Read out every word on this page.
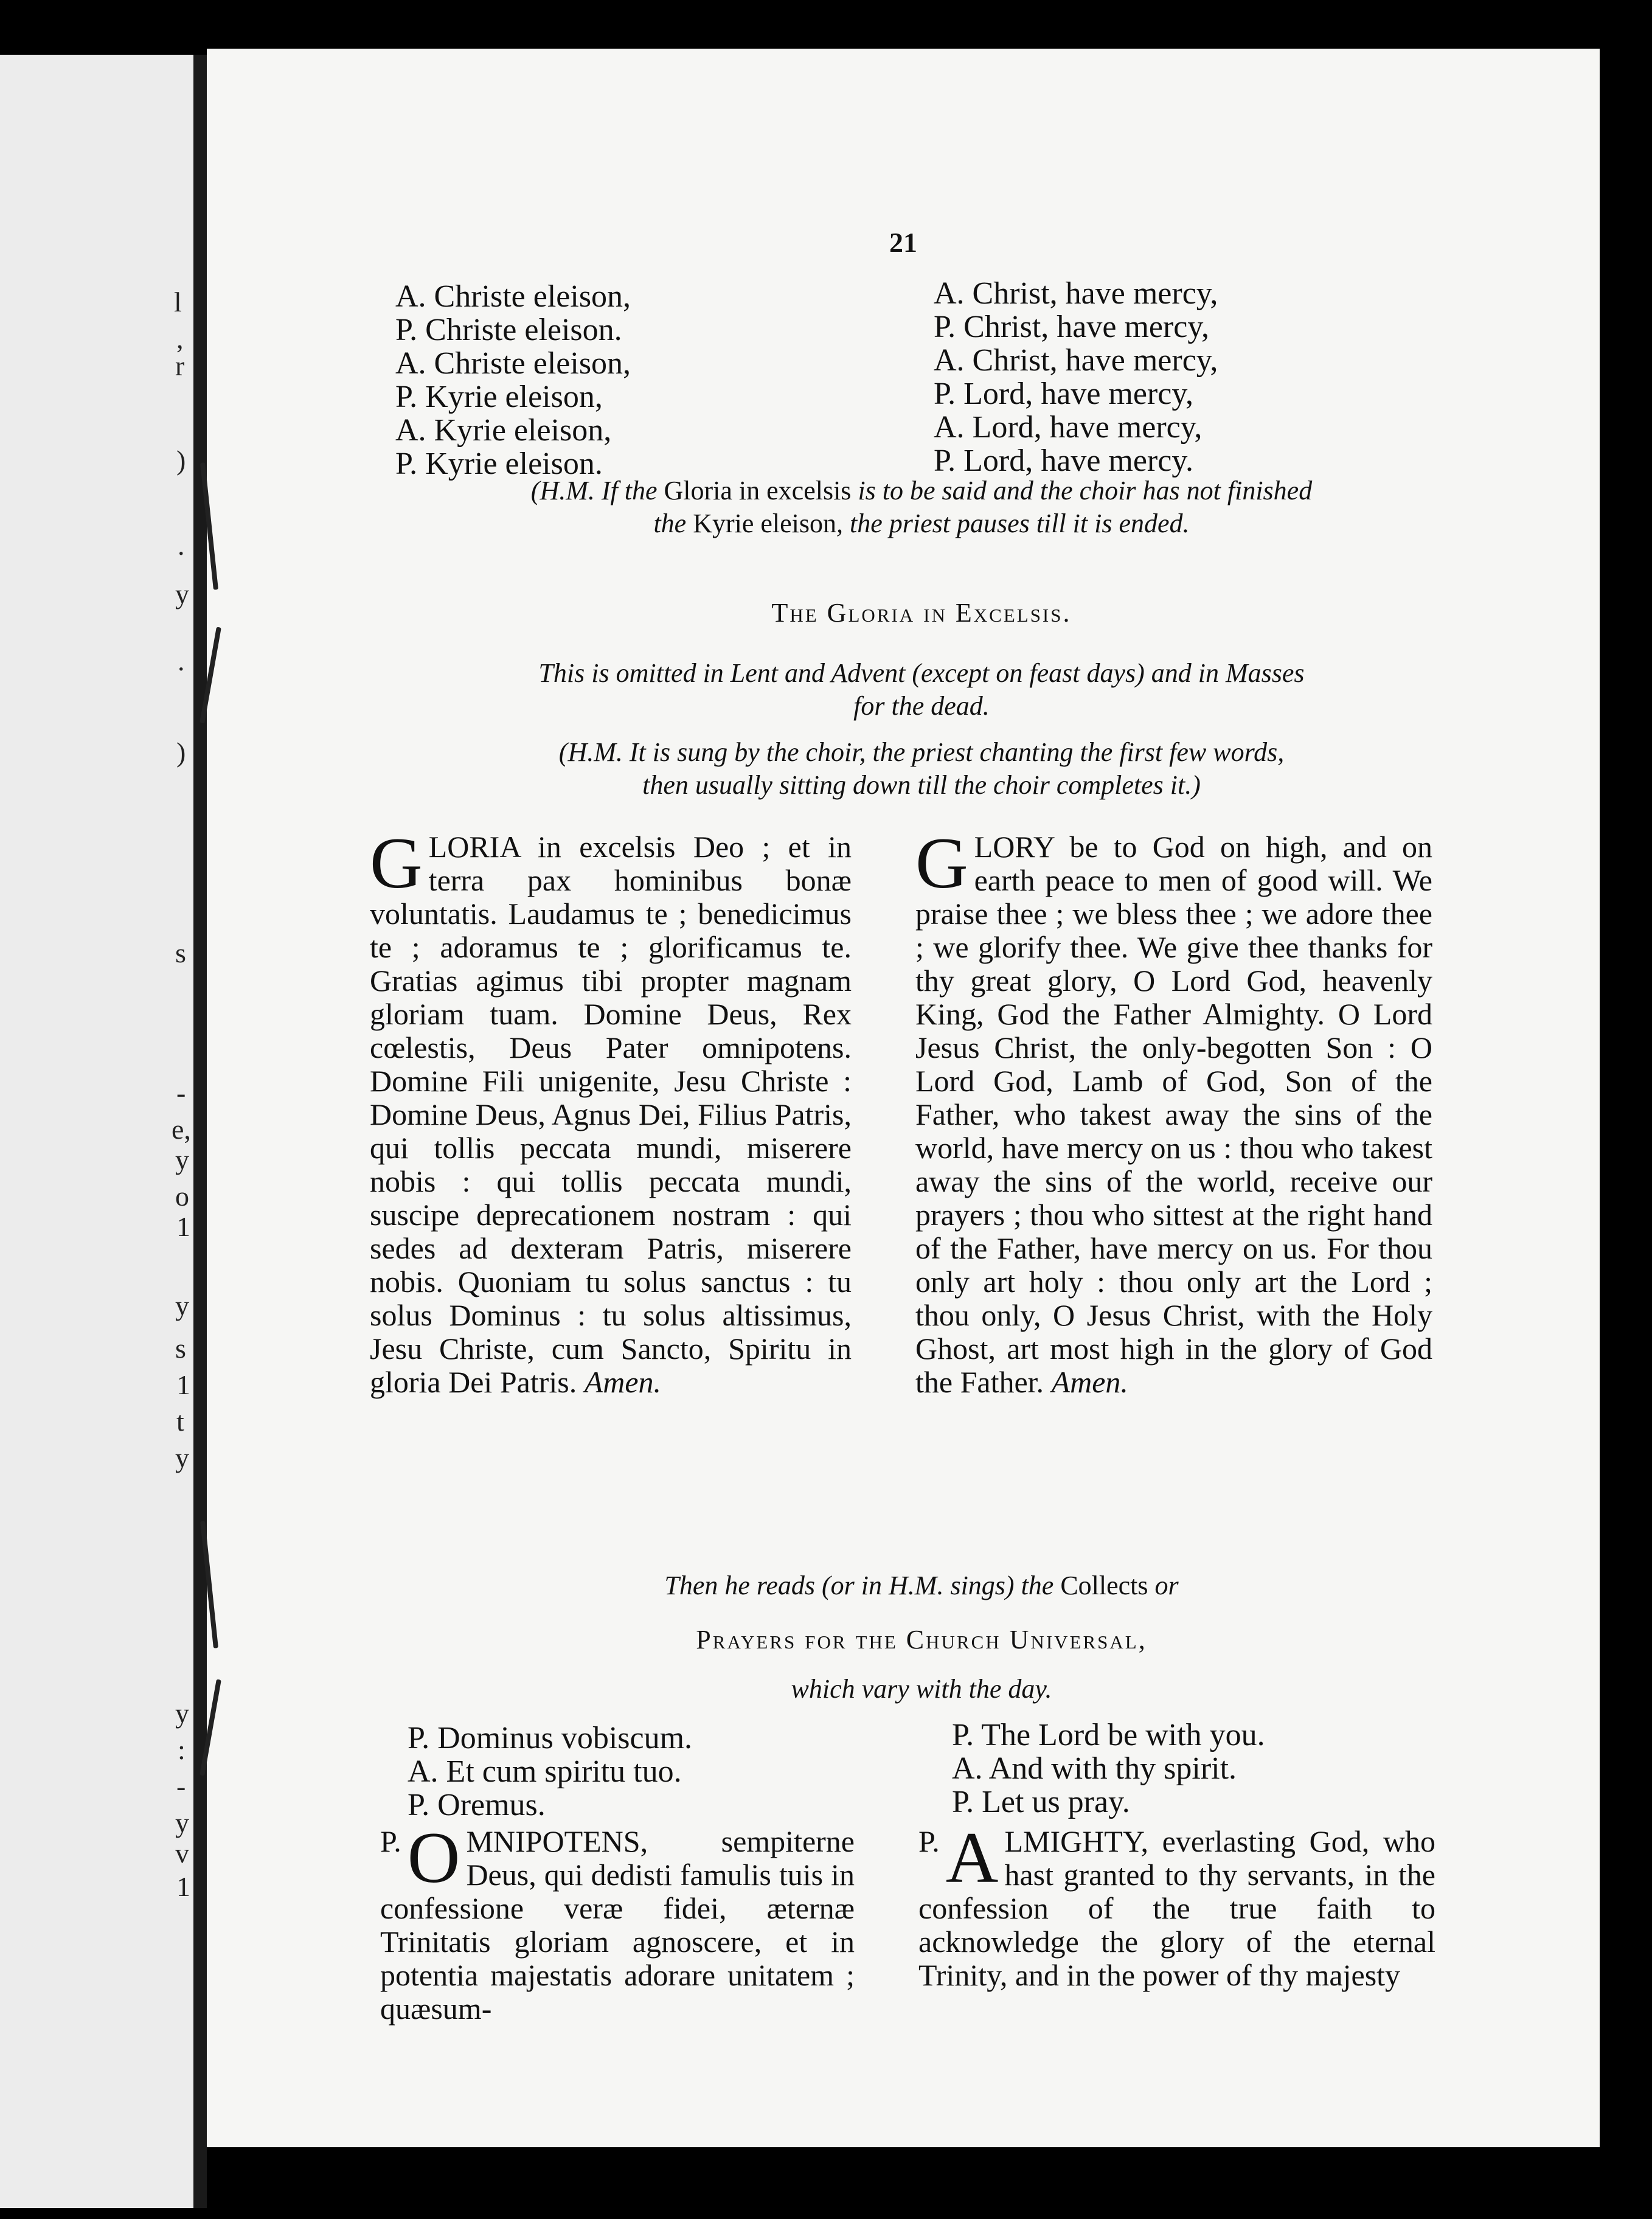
l
,
r
)
.
y
.
)
s
-
e,
y
o
1
y
s
1
t
y
y
:
-
y
v
1
21
A. Christe eleison,
P. Christe eleison.
A. Christe eleison,
P. Kyrie eleison,
A. Kyrie eleison,
P. Kyrie eleison.
A. Christ, have mercy,
P. Christ, have mercy,
A. Christ, have mercy,
P. Lord, have mercy,
A. Lord, have mercy,
P. Lord, have mercy.
(H.M. If the Gloria in excelsis is to be said and the choir has not finished
the Kyrie eleison, the priest pauses till it is ended.
The Gloria in Excelsis.
This is omitted in Lent and Advent (except on feast days) and in Masses
for the dead.
(H.M. It is sung by the choir, the priest chanting the first few words,
then usually sitting down till the choir completes it.)

GLORIA in excelsis Deo ; et in terra pax hominibus bonæ voluntatis. Laudamus te ; benedicimus te ; adoramus te ; glorificamus te. Gratias agimus tibi propter magnam gloriam tuam. Domine Deus, Rex cœlestis, Deus Pater omnipotens. Domine Fili unigenite, Jesu Christe : Domine Deus, Agnus Dei, Filius Patris, qui tollis peccata mundi, miserere nobis : qui tollis peccata mundi, suscipe deprecationem nostram : qui sedes ad dexteram Patris, miserere nobis. Quoniam tu solus sanctus : tu solus Dominus : tu solus altissimus, Jesu Christe, cum Sancto, Spiritu in gloria Dei Patris. Amen.

GLORY be to God on high, and on earth peace to men of good will. We praise thee ; we bless thee ; we adore thee ; we glorify thee. We give thee thanks for thy great glory, O Lord God, heavenly King, God the Father Almighty. O Lord Jesus Christ, the only-begotten Son : O Lord God, Lamb of God, Son of the Father, who takest away the sins of the world, have mercy on us : thou who takest away the sins of the world, receive our prayers ; thou who sittest at the right hand of the Father, have mercy on us. For thou only art holy : thou only art the Lord ; thou only, O Jesus Christ, with the Holy Ghost, art most high in the glory of God the Father. Amen.

Then he reads (or in H.M. sings) the Collects or
Prayers for the Church Universal,
which vary with the day.
P. Dominus vobiscum.
A. Et cum spiritu tuo.
P. Oremus.
P. The Lord be with you.
A. And with thy spirit.
P. Let us pray.

P. O MNIPOTENS, sempiterne Deus, qui dedisti famulis tuis in confessione veræ fidei, æternæ Trinitatis gloriam agnoscere, et in potentia majestatis adorare unitatem ; quæsum-

P. A LMIGHTY, everlasting God, who hast granted to thy servants, in the confession of the true faith to acknowledge the glory of the eternal Trinity, and in the power of thy majesty
